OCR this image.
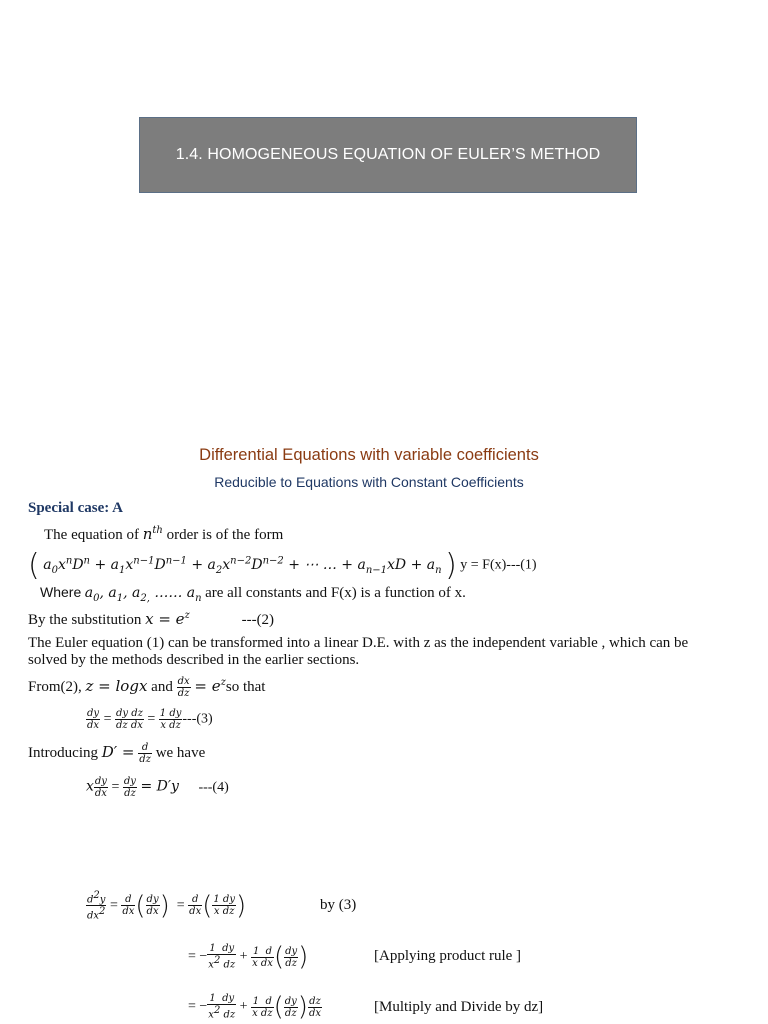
1.4. HOMOGENEOUS EQUATION OF EULER’S METHOD
Differential Equations with variable coefficients
Reducible to Equations with Constant Coefficients
Special case: A
The equation of $n^{th}$ order is of the form
( $a_0x^nD^n + a_1x^{n-1}D^{n-1} + a_2x^{n-2}D^{n-2}$ + ⋯ … + $a_{n-1}xD + a_n$ ) y = F(x)---(1)
Where $a_0$, $a_1$, $a_{2,}$ …… $a_n$ are all constants and F(x) is a function of x.
By the substitution $x = e^z$	---(2)
The Euler equation (1) can be transformed into a linear D.E. with z as the independent variable , which can be solved by the methods described in the earlier sections.
From(2), z = logx and $\frac{dx}{dz} = e^zso$ that
$\frac{dy}{dx} = \frac{\text{dy dz}}{\text{dz dx}} = \frac{1 dy}{\text{x dz}} ---(3)$
Introducing $D' = \frac{d}{dz}$ we have
x $\frac{dy}{dx} = \frac{dy}{dz} = D'y$ ---(4)
$\frac{d^2y}{dx^2} = \frac{d}{dx}$ ( $\frac{dy}{dx}$ )  = $\frac{d}{dx}$ ( $\frac{1 dy}{\text{x dz}}$ )	by (3)
= − $\frac{1 dy}{x^2 dz} + \frac{1 d}{\text{x dx}}$ ( $\frac{dy}{dz}$ )	[Applying product rule ]
= − $\frac{1 dy}{x^2 dz} + \frac{1 d}{\text{x dz}}$ ( $\frac{dy}{dz}$ ) $\frac{dz}{dx}$	[Multiply and Divide by dz]
